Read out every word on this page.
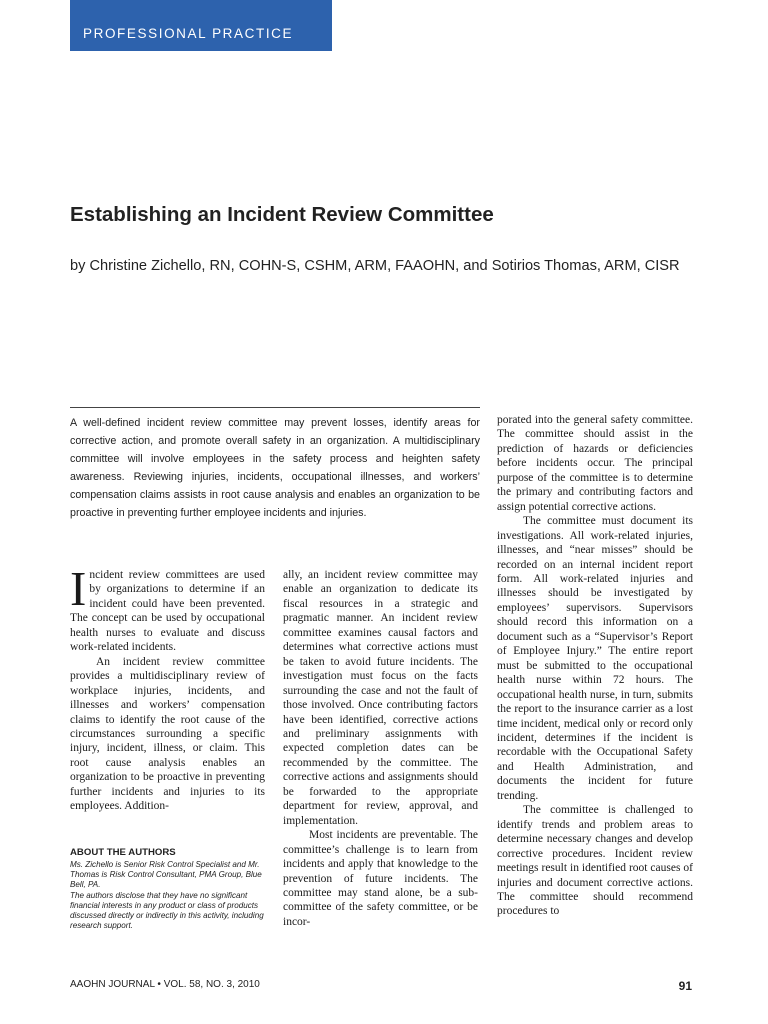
PROFESSIONAL PRACTICE
Establishing an Incident Review Committee

by Christine Zichello, RN, COHN-S, CSHM, ARM, FAAOHN, and Sotirios Thomas, ARM, CISR

A well-defined incident review committee may prevent losses, identify areas for corrective action, and promote overall safety in an organization. A multidisciplinary committee will involve employees in the safety process and heighten safety awareness. Reviewing injuries, incidents, occupational illnesses, and workers’ compensation claims assists in root cause analysis and enables an organization to be proactive in preventing further employee incidents and injuries.

Incident review committees are used by organizations to determine if an incident could have been prevented. The concept can be used by occupational health nurses to evaluate and discuss work-related incidents.

An incident review committee provides a multidisciplinary review of workplace injuries, incidents, and illnesses and workers’ compensation claims to identify the root cause of the circumstances surrounding a specific injury, incident, illness, or claim. This root cause analysis enables an organization to be proactive in preventing further incidents and injuries to its employees. Addition-

ABOUT THE AUTHORS

Ms. Zichello is Senior Risk Control Specialist and Mr. Thomas is Risk Control Consultant, PMA Group, Blue Bell, PA.

The authors disclose that they have no significant financial interests in any product or class of products discussed directly or indirectly in this activity, including research support.

ally, an incident review committee may enable an organization to dedicate its fiscal resources in a strategic and pragmatic manner. An incident review committee examines causal factors and determines what corrective actions must be taken to avoid future incidents. The investigation must focus on the facts surrounding the case and not the fault of those involved. Once contributing factors have been identified, corrective actions and preliminary assignments with expected completion dates can be recommended by the committee. The corrective actions and assignments should be forwarded to the appropriate department for review, approval, and implementation.

Most incidents are preventable. The committee’s challenge is to learn from incidents and apply that knowledge to the prevention of future incidents. The committee may stand alone, be a sub-committee of the safety committee, or be incor-

porated into the general safety committee. The committee should assist in the prediction of hazards or deficiencies before incidents occur. The principal purpose of the committee is to determine the primary and contributing factors and assign potential corrective actions.

The committee must document its investigations. All work-related injuries, illnesses, and “near misses” should be recorded on an internal incident report form. All work-related injuries and illnesses should be investigated by employees’ supervisors. Supervisors should record this information on a document such as a “Supervisor’s Report of Employee Injury.” The entire report must be submitted to the occupational health nurse within 72 hours. The occupational health nurse, in turn, submits the report to the insurance carrier as a lost time incident, medical only or record only incident, determines if the incident is recordable with the Occupational Safety and Health Administration, and documents the incident for future trending.

The committee is challenged to identify trends and problem areas to determine necessary changes and develop corrective procedures. Incident review meetings result in identified root causes of injuries and document corrective actions. The committee should recommend procedures to

AAOHN JOURNAL • VOL. 58, NO. 3, 2010	91
